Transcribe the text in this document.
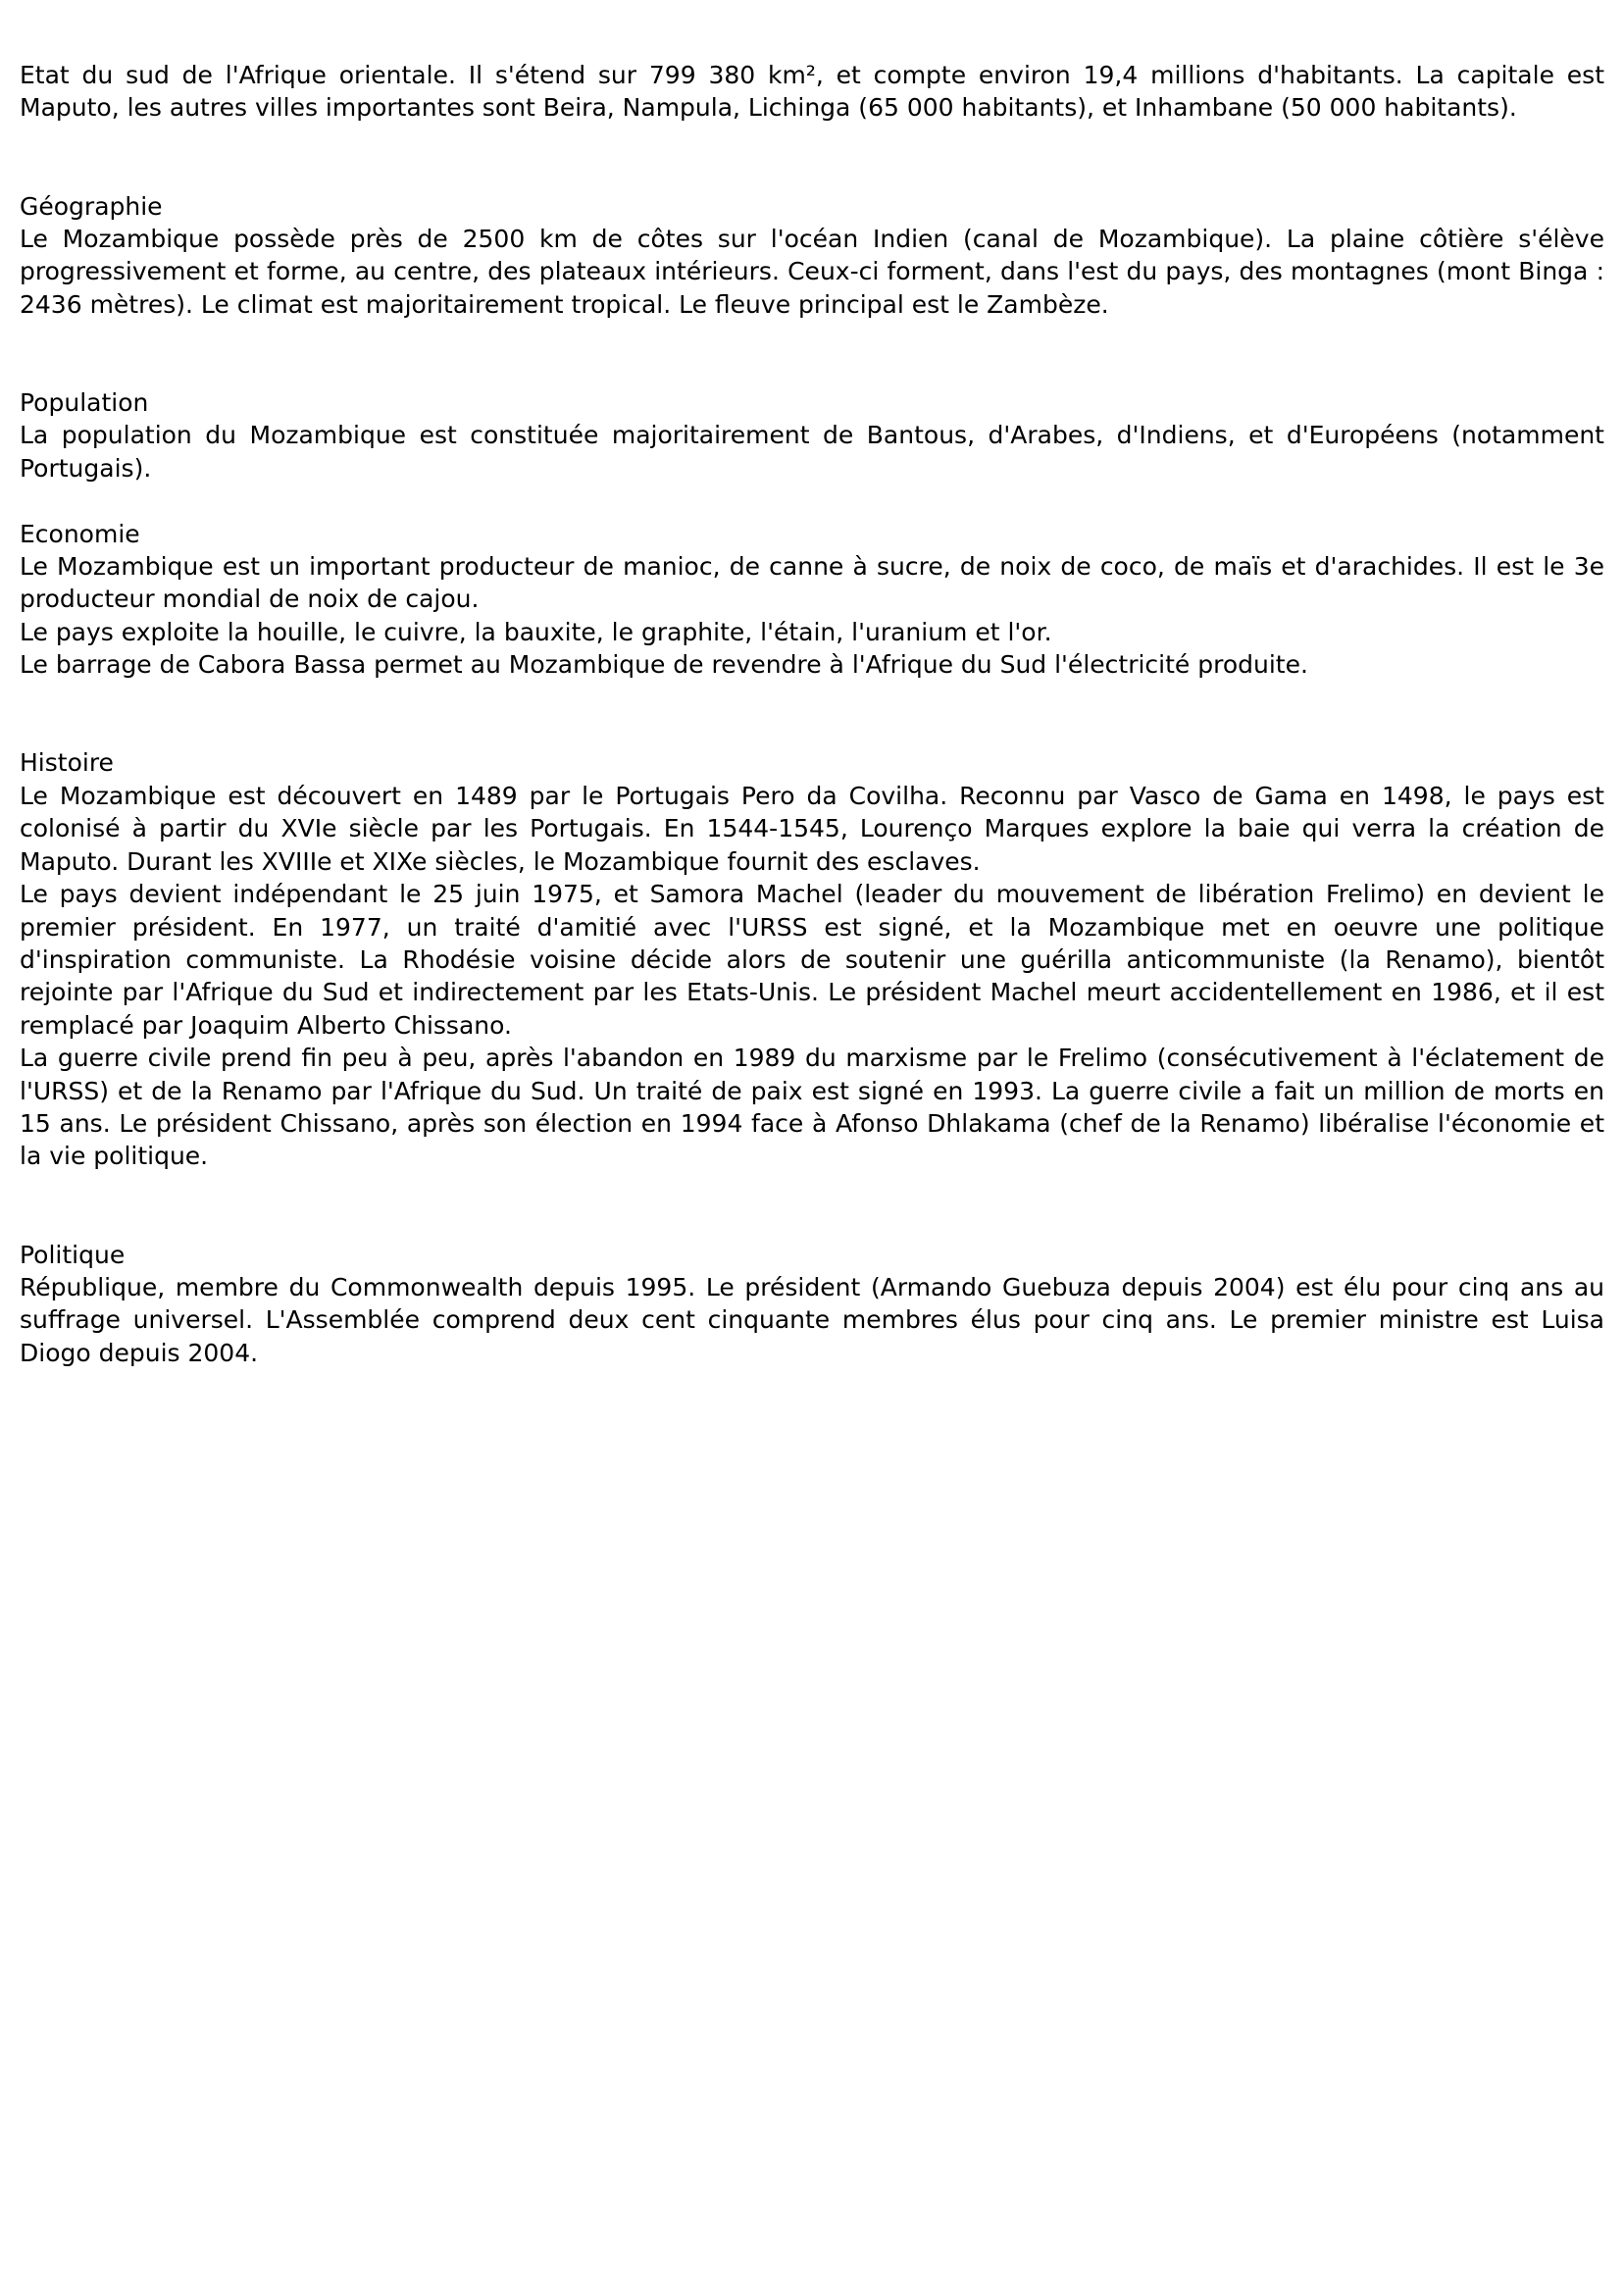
Etat du sud de l'Afrique orientale. Il s'étend sur 799 380 km², et compte environ 19,4 millions d'habitants. La capitale est Maputo, les autres villes importantes sont Beira, Nampula, Lichinga (65 000 habitants), et Inhambane (50 000 habitants).

Géographie

Le Mozambique possède près de 2500 km de côtes sur l'océan Indien (canal de Mozambique). La plaine côtière s'élève progressivement et forme, au centre, des plateaux intérieurs. Ceux-ci forment, dans l'est du pays, des montagnes (mont Binga : 2436 mètres). Le climat est majoritairement tropical. Le fleuve principal est le Zambèze.

Population

La population du Mozambique est constituée majoritairement de Bantous, d'Arabes, d'Indiens, et d'Européens (notamment Portugais).

Economie

Le Mozambique est un important producteur de manioc, de canne à sucre, de noix de coco, de maïs et d'arachides. Il est le 3e producteur mondial de noix de cajou.

Le pays exploite la houille, le cuivre, la bauxite, le graphite, l'étain, l'uranium et l'or.

Le barrage de Cabora Bassa permet au Mozambique de revendre à l'Afrique du Sud l'électricité produite.

Histoire

Le Mozambique est découvert en 1489 par le Portugais Pero da Covilha. Reconnu par Vasco de Gama en 1498, le pays est colonisé à partir du XVIe siècle par les Portugais. En 1544-1545, Lourenço Marques explore la baie qui verra la création de Maputo. Durant les XVIIIe et XIXe siècles, le Mozambique fournit des esclaves.

Le pays devient indépendant le 25 juin 1975, et Samora Machel (leader du mouvement de libération Frelimo) en devient le premier président. En 1977, un traité d'amitié avec l'URSS est signé, et la Mozambique met en oeuvre une politique d'inspiration communiste. La Rhodésie voisine décide alors de soutenir une guérilla anticommuniste (la Renamo), bientôt rejointe par l'Afrique du Sud et indirectement par les Etats-Unis. Le président Machel meurt accidentellement en 1986, et il est remplacé par Joaquim Alberto Chissano.

La guerre civile prend fin peu à peu, après l'abandon en 1989 du marxisme par le Frelimo (consécutivement à l'éclatement de l'URSS) et de la Renamo par l'Afrique du Sud. Un traité de paix est signé en 1993. La guerre civile a fait un million de morts en 15 ans. Le président Chissano, après son élection en 1994 face à Afonso Dhlakama (chef de la Renamo) libéralise l'économie et la vie politique.

Politique

République, membre du Commonwealth depuis 1995. Le président (Armando Guebuza depuis 2004) est élu pour cinq ans au suffrage universel. L'Assemblée comprend deux cent cinquante membres élus pour cinq ans. Le premier ministre est Luisa Diogo depuis 2004.
